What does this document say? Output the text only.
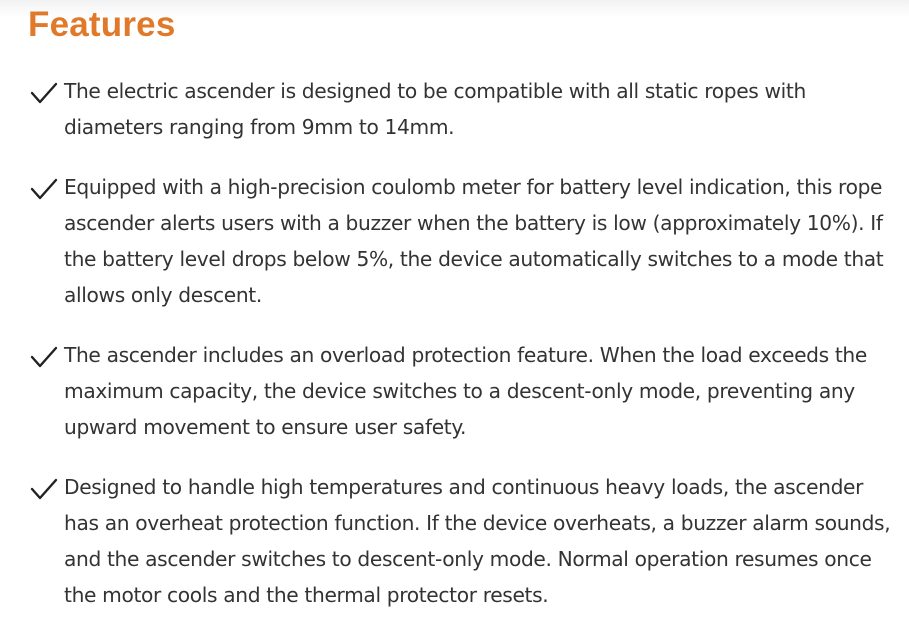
Features

The electric ascender is designed to be compatible with all static ropes with diameters ranging from 9mm to 14mm.

Equipped with a high-precision coulomb meter for battery level indication, this rope ascender alerts users with a buzzer when the battery is low (approximately 10%). If the battery level drops below 5%, the device automatically switches to a mode that allows only descent.

The ascender includes an overload protection feature. When the load exceeds the maximum capacity, the device switches to a descent-only mode, preventing any upward movement to ensure user safety.

Designed to handle high temperatures and continuous heavy loads, the ascender has an overheat protection function. If the device overheats, a buzzer alarm sounds, and the ascender switches to descent-only mode. Normal operation resumes once the motor cools and the thermal protector resets.
